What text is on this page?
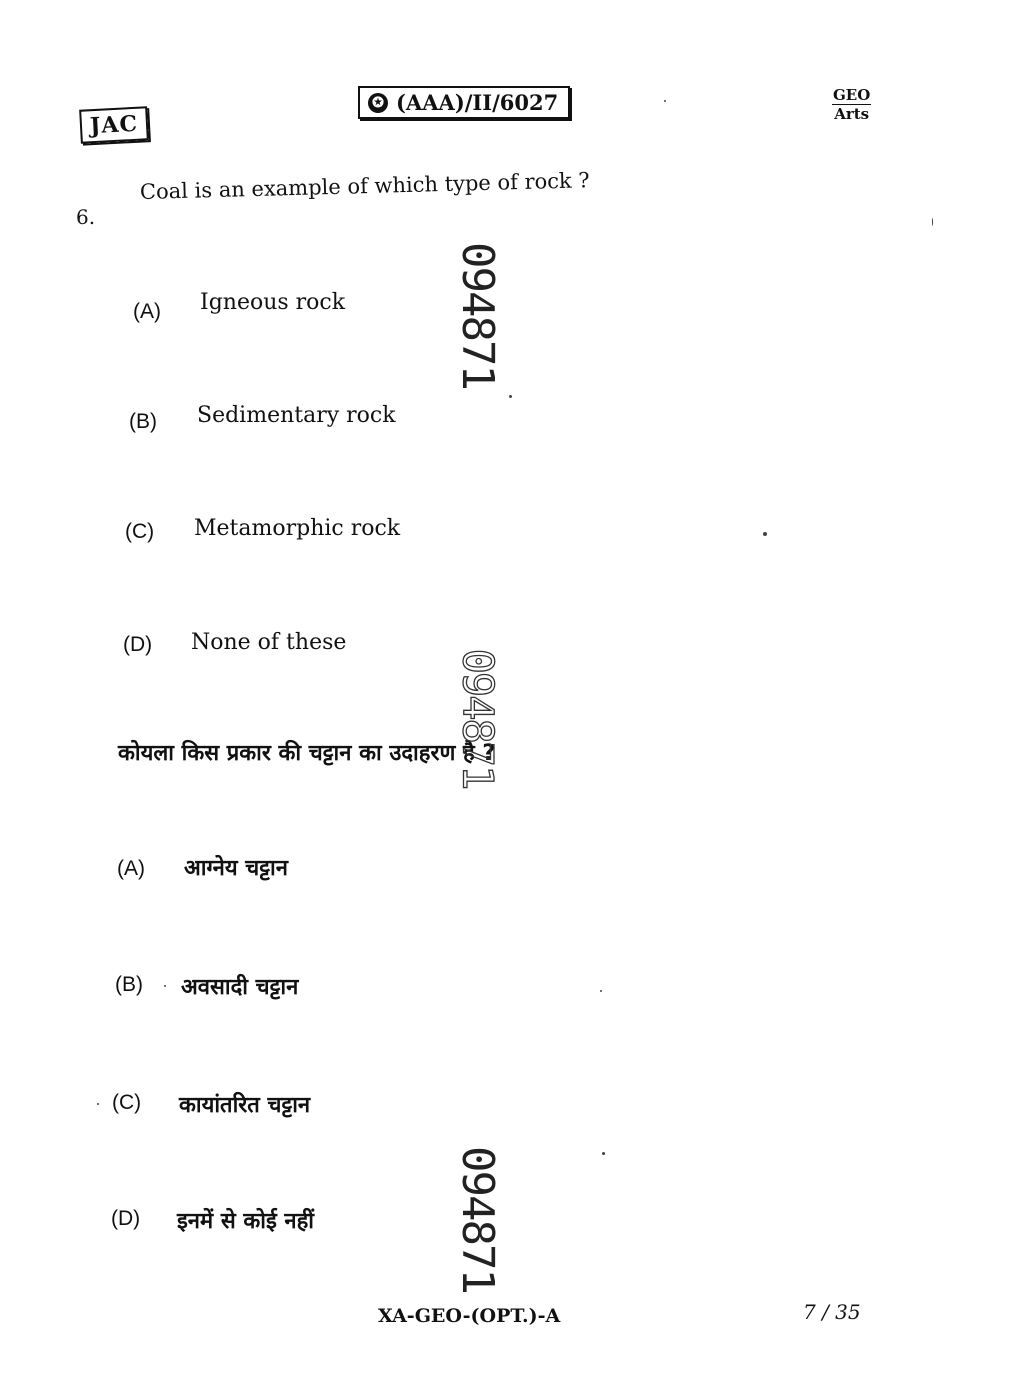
JAC
✪ (AAA)/II/6027	GEO
Arts
6.
Coal is an example of which type of rock ?
(A) Igneous rock
(B) Sedimentary rock
(C) Metamorphic rock
(D) None of these
कोयला किस प्रकार की चट्टान का उदाहरण है ?
(A) आग्नेय चट्टान
(B) अवसादी चट्टान
(C) कायांतरित चट्टान
(D) इनमें से कोई नहीं
094871
094871
094871
XA-GEO-(OPT.)-A	7 / 35
